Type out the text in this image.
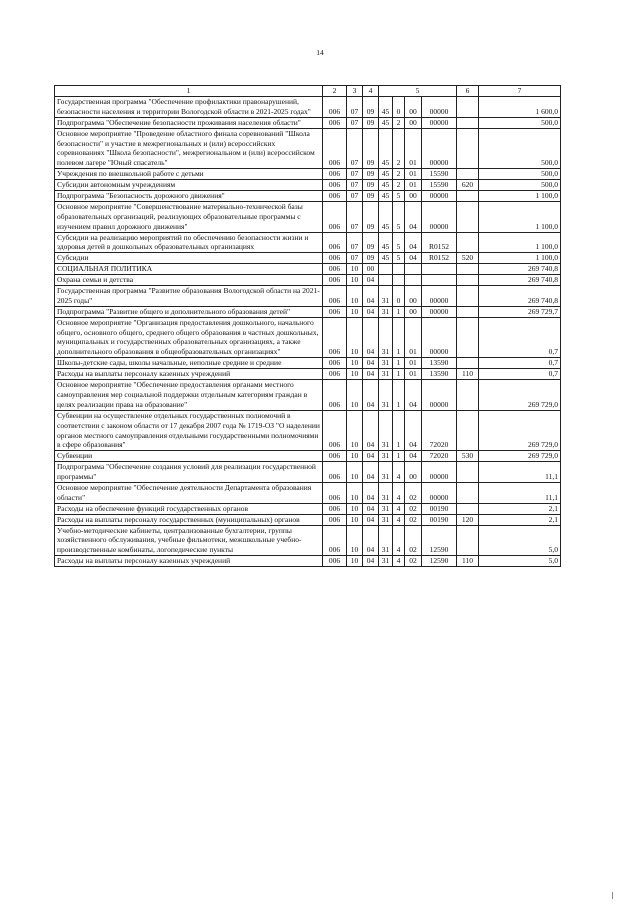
14
1	2	3	4	5				6	7
Государственная программа "Обеспечение профилактики правонарушений, безопасности населения и территории Вологодской области в 2021-2025 годах"	006	07	09	45	0	00	00000		1 600,0
Подпрограмма "Обеспечение безопасности проживания населения области"	006	07	09	45	2	00	00000		500,0
Основное мероприятие "Проведение областного финала соревнований "Школа безопасности" и участие в межрегиональных и (или) всероссийских соревнованиях "Школа безопасности", межрегиональном и (или) всероссийском полевом лагере "Юный спасатель"	006	07	09	45	2	01	00000		500,0
Учреждения по внешкольной работе с детьми	006	07	09	45	2	01	15590		500,0
Субсидии автономным учреждениям	006	07	09	45	2	01	15590	620	500,0
Подпрограмма "Безопасность дорожного движения"	006	07	09	45	5	00	00000		1 100,0
Основное мероприятие "Совершенствование материально-технической базы образовательных организаций, реализующих образовательные программы с изучением правил дорожного движения"	006	07	09	45	5	04	00000		1 100,0
Субсидии на реализацию мероприятий по обеспечению безопасности жизни и здоровья детей в дошкольных образовательных организациях	006	07	09	45	5	04	R0152		1 100,0
Субсидии	006	07	09	45	5	04	R0152	520	1 100,0
СОЦИАЛЬНАЯ ПОЛИТИКА	006	10	00						269 740,8
Охрана семьи и детства	006	10	04						269 740,8
Государственная программа "Развитие образования Вологодской области на 2021-2025 годы"	006	10	04	31	0	00	00000		269 740,8
Подпрограмма "Развитие общего и дополнительного образования детей"	006	10	04	31	1	00	00000		269 729,7
Основное мероприятие "Организация предоставления дошкольного, начального общего, основного общего, среднего общего образования в частных дошкольных, муниципальных и государственных образовательных организациях, а также дополнительного образования в общеобразовательных организациях"	006	10	04	31	1	01	00000		0,7
Школы-детские сады, школы начальные, неполные средние и средние	006	10	04	31	1	01	13590		0,7
Расходы на выплаты персоналу казенных учреждений	006	10	04	31	1	01	13590	110	0,7
Основное мероприятие "Обеспечение предоставления органами местного самоуправления мер социальной поддержки отдельным категориям граждан в целях реализации права на образование"	006	10	04	31	1	04	00000		269 729,0
Субвенции на осуществление отдельных государственных полномочий в соответствии с законом области от 17 декабря 2007 года № 1719-ОЗ "О наделении органов местного самоуправления отдельными государственными полномочиями в сфере образования"	006	10	04	31	1	04	72020		269 729,0
Субвенции	006	10	04	31	1	04	72020	530	269 729,0
Подпрограмма "Обеспечение создания условий для реализации государственной программы"	006	10	04	31	4	00	00000		11,1
Основное мероприятие "Обеспечение деятельности Департамента образования области"	006	10	04	31	4	02	00000		11,1
Расходы на обеспечение функций государственных органов	006	10	04	31	4	02	00190		2,1
Расходы на выплаты персоналу государственных (муниципальных) органов	006	10	04	31	4	02	00190	120	2,1
Учебно-методические кабинеты, централизованные бухгалтерии, группы хозяйственного обслуживания, учебные фильмотеки, межшкольные учебно-производственные комбинаты, логопедические пункты	006	10	04	31	4	02	12590		5,0
Расходы на выплаты персоналу казенных учреждений	006	10	04	31	4	02	12590	110	5,0
